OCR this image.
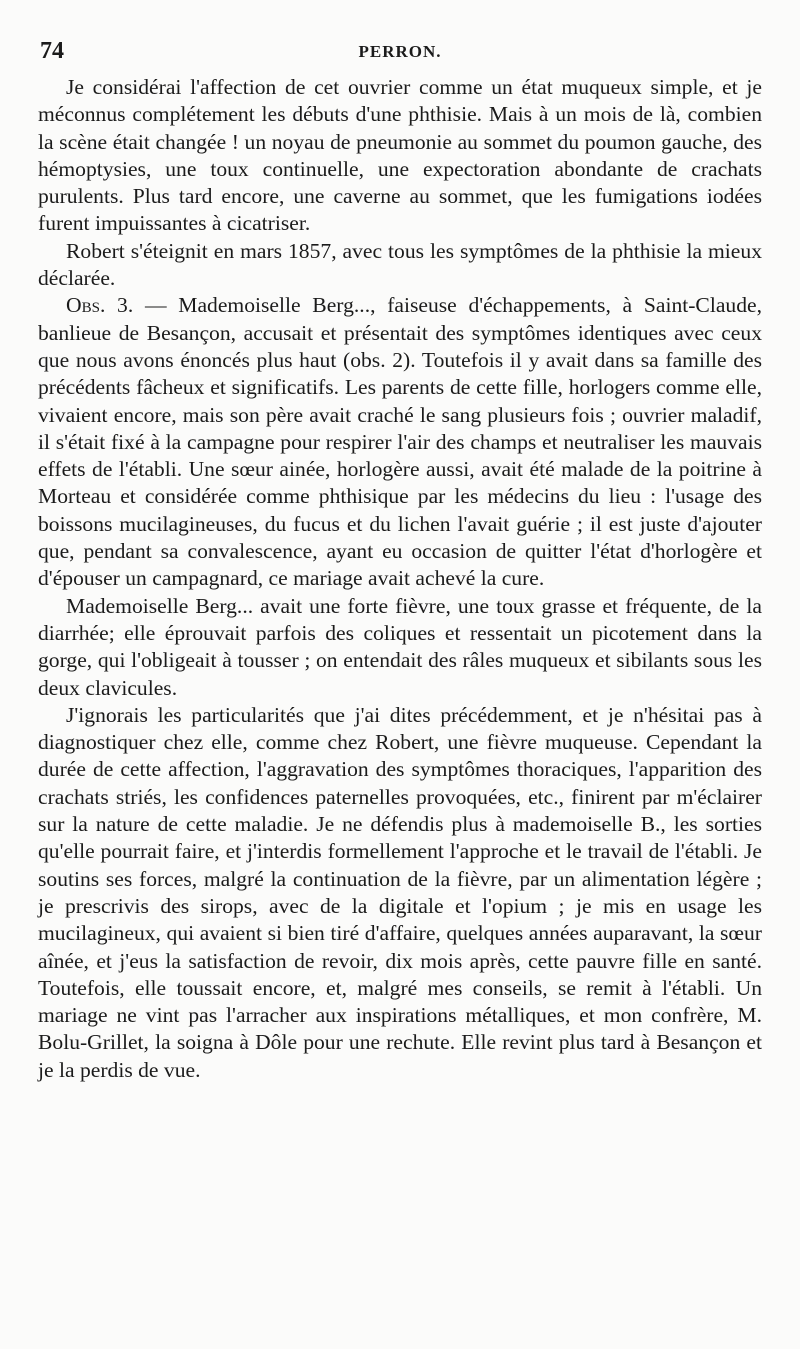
74	PERRON.

Je considérai l'affection de cet ouvrier comme un état muqueux simple, et je méconnus complétement les débuts d'une phthisie. Mais à un mois de là, combien la scène était changée ! un noyau de pneumonie au sommet du poumon gauche, des hémoptysies, une toux continuelle, une expectoration abondante de crachats purulents. Plus tard encore, une caverne au sommet, que les fumigations iodées furent impuissantes à cicatriser.

Robert s'éteignit en mars 1857, avec tous les symptômes de la phthisie la mieux déclarée.

Obs. 3. — Mademoiselle Berg..., faiseuse d'échappements, à Saint-Claude, banlieue de Besançon, accusait et présentait des symptômes identiques avec ceux que nous avons énoncés plus haut (obs. 2). Toutefois il y avait dans sa famille des précédents fâcheux et significatifs. Les parents de cette fille, horlogers comme elle, vivaient encore, mais son père avait craché le sang plusieurs fois ; ouvrier maladif, il s'était fixé à la campagne pour respirer l'air des champs et neutraliser les mauvais effets de l'établi. Une sœur ainée, horlogère aussi, avait été malade de la poitrine à Morteau et considérée comme phthisique par les médecins du lieu : l'usage des boissons mucilagineuses, du fucus et du lichen l'avait guérie ; il est juste d'ajouter que, pendant sa convalescence, ayant eu occasion de quitter l'état d'horlogère et d'épouser un campagnard, ce mariage avait achevé la cure.

Mademoiselle Berg... avait une forte fièvre, une toux grasse et fréquente, de la diarrhée; elle éprouvait parfois des coliques et ressentait un picotement dans la gorge, qui l'obligeait à tousser ; on entendait des râles muqueux et sibilants sous les deux clavicules.

J'ignorais les particularités que j'ai dites précédemment, et je n'hésitai pas à diagnostiquer chez elle, comme chez Robert, une fièvre muqueuse. Cependant la durée de cette affection, l'aggravation des symptômes thoraciques, l'apparition des crachats striés, les confidences paternelles provoquées, etc., finirent par m'éclairer sur la nature de cette maladie. Je ne défendis plus à mademoiselle B., les sorties qu'elle pourrait faire, et j'interdis formellement l'approche et le travail de l'établi. Je soutins ses forces, malgré la continuation de la fièvre, par un alimentation légère ; je prescrivis des sirops, avec de la digitale et l'opium ; je mis en usage les mucilagineux, qui avaient si bien tiré d'affaire, quelques années auparavant, la sœur aînée, et j'eus la satisfaction de revoir, dix mois après, cette pauvre fille en santé. Toutefois, elle toussait encore, et, malgré mes conseils, se remit à l'établi. Un mariage ne vint pas l'arracher aux inspirations métalliques, et mon confrère, M. Bolu-Grillet, la soigna à Dôle pour une rechute. Elle revint plus tard à Besançon et je la perdis de vue.
